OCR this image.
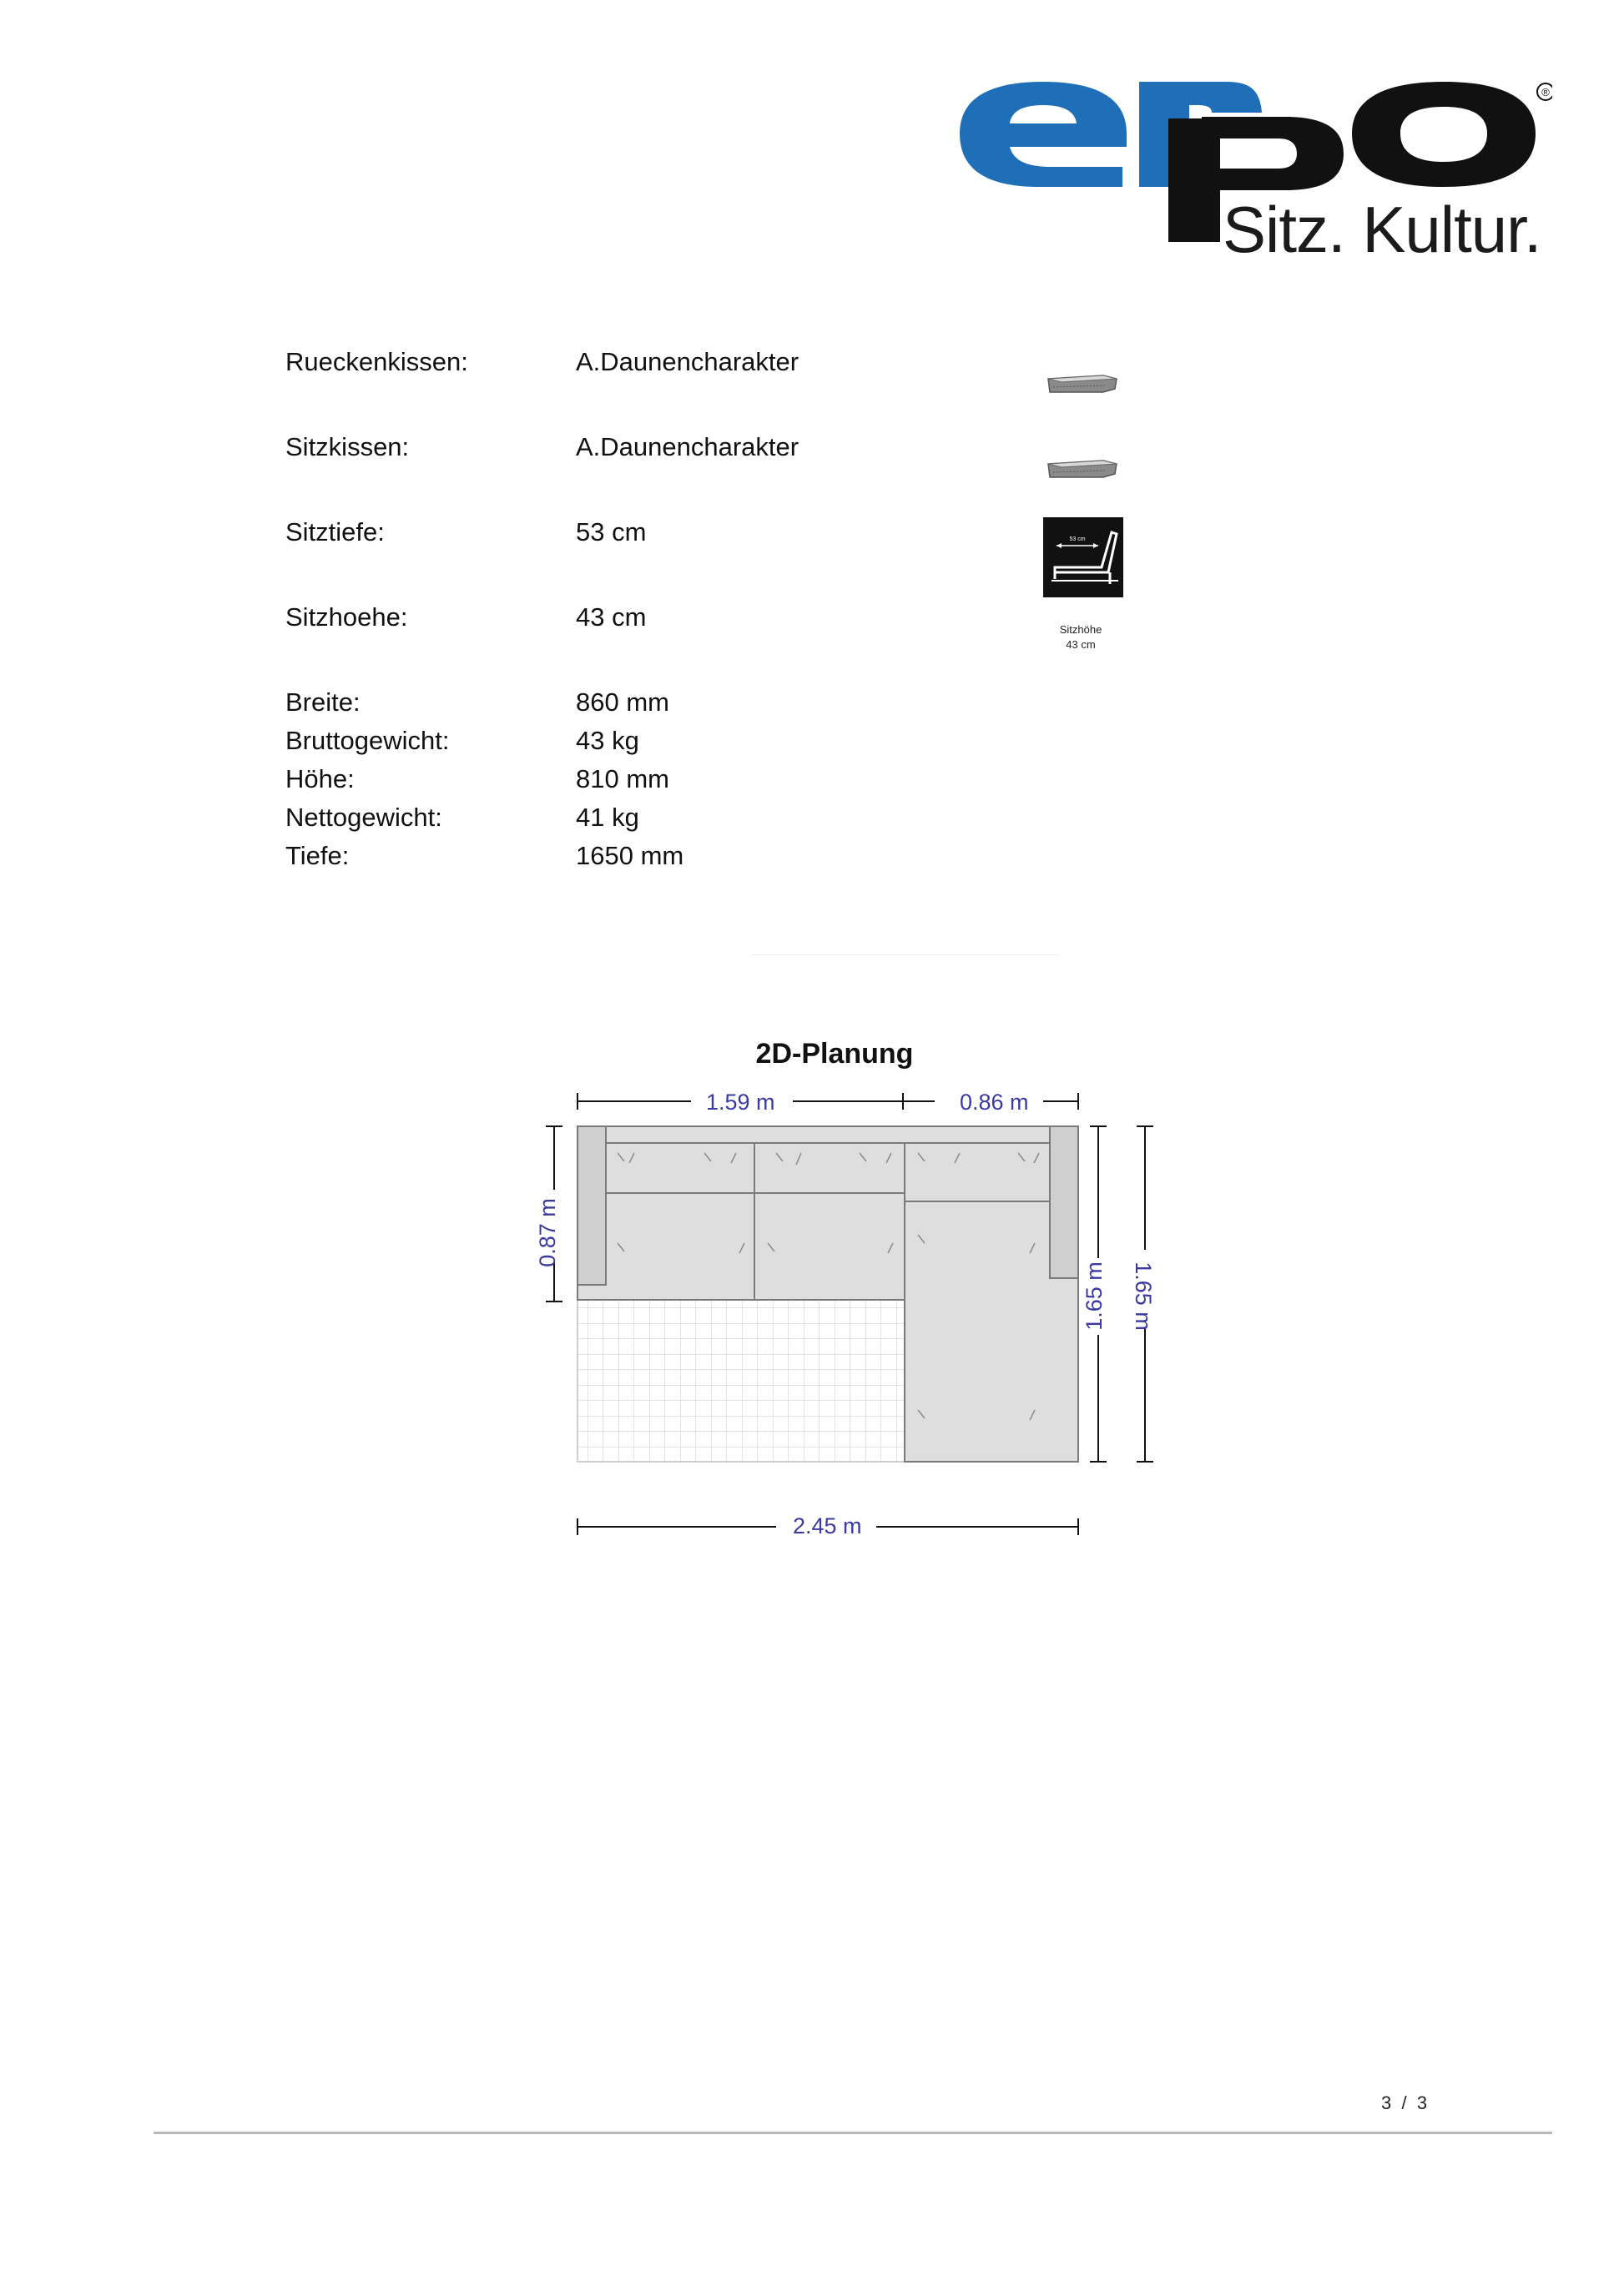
®
Sitz. Kultur.
Rueckenkissen:	A.Daunencharakter
Sitzkissen:	A.Daunencharakter
Sitztiefe:	53 cm
Sitzhoehe:	43 cm
53 cm
Sitzhöhe
43 cm
Breite:	860 mm
Bruttogewicht:	43 kg
Höhe:	810 mm
Nettogewicht:	41 kg
Tiefe:	1650 mm
2D-Planung
1.59 m	0.86 m
0.87 m
1.65 m 1.65 m
2.45 m
3 / 3
